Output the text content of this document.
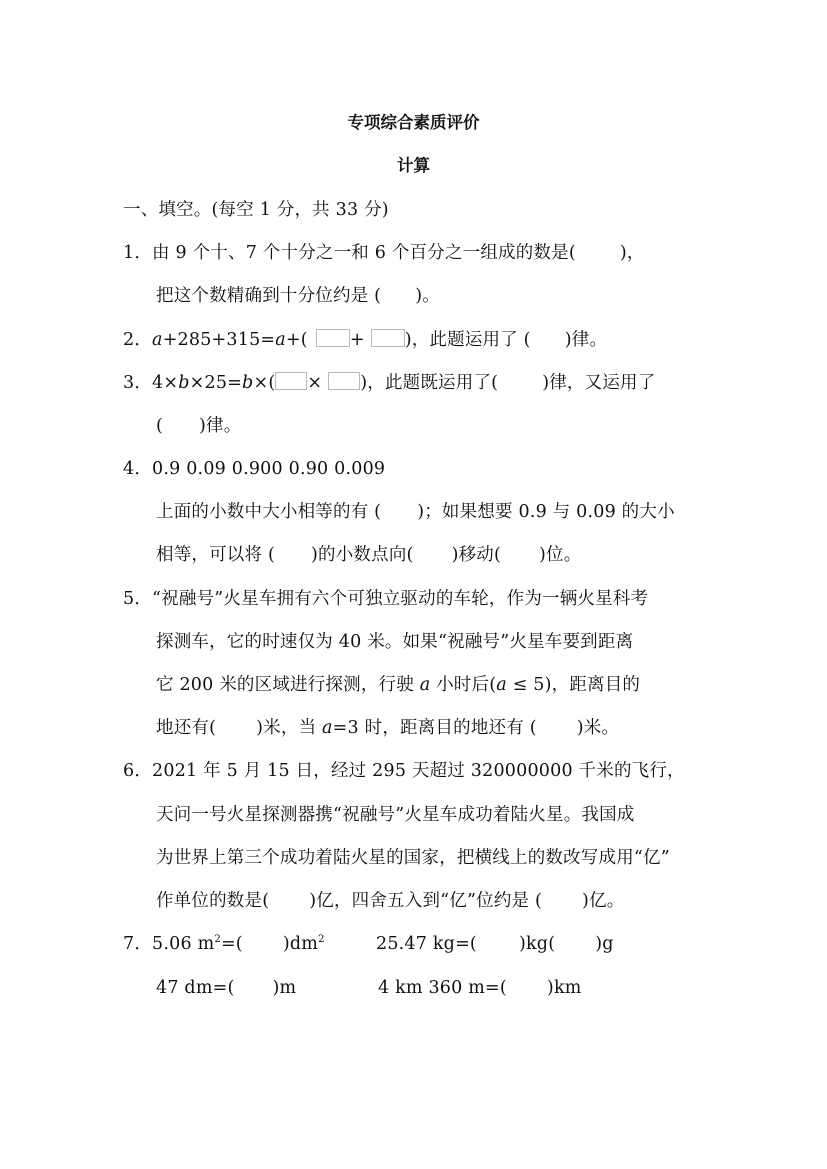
专项综合素质评价
计算
一、填空。(每空 1 分，共 33 分)
1．由 9 个十、7 个十分之一和 6 个百分之一组成的数是(	)，
把这个数精确到十分位约是 ( )。
2．a+285+315=a+( + )，此题运用了 ( )律。
3．4×b×25=b×( × )，此题既运用了(	)律，又运用了
( )律。
4．0.9 0.09 0.900 0.90 0.009
上面的小数中大小相等的有 ( )；如果想要 0.9 与 0.09 的大小
相等，可以将 ( )的小数点向( )移动( )位。
5．“祝融号”火星车拥有六个可独立驱动的车轮，作为一辆火星科考
探测车，它的时速仅为 40 米。如果“祝融号”火星车要到距离
它 200 米的区域进行探测，行驶 a 小时后(a ≤ 5)，距离目的
地还有( )米，当 a=3 时，距离目的地还有 ( )米。
6．2021 年 5 月 15 日，经过 295 天超过 320000000 千米的飞行，
天问一号火星探测器携“祝融号”火星车成功着陆火星。我国成
为世界上第三个成功着陆火星的国家，把横线上的数改写成用“亿”
作单位的数是( )亿，四舍五入到“亿”位约是 ( )亿。
7．5.06 $m^2=$( )$dm^2$	25.47 kg=( )kg( )g
47 dm=( )m	4 km 360 m=( )km
